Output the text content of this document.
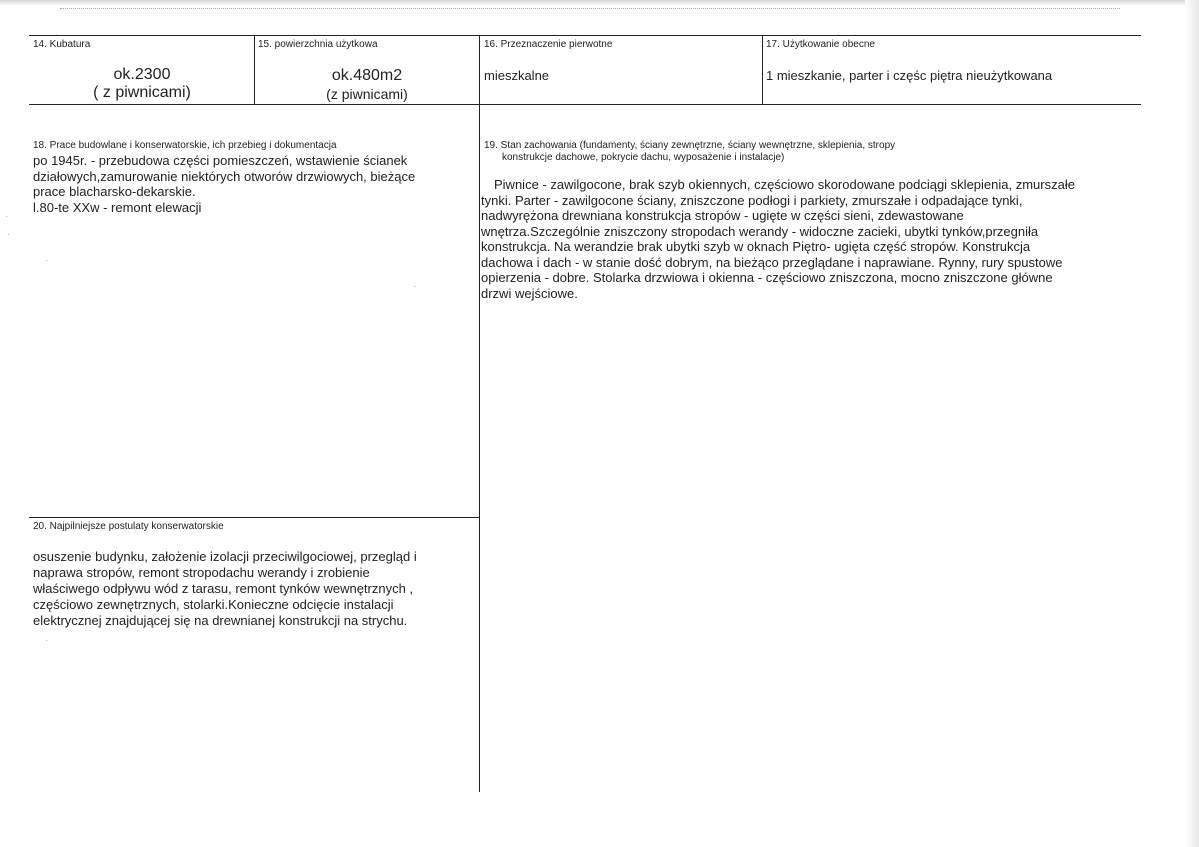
14. Kubatura
ok.2300
( z piwnicami)
15. powierzchnia użytkowa
ok.480m2
(z piwnicami)
16. Przeznaczenie pierwotne
mieszkalne
17. Użytkowanie obecne
1 mieszkanie, parter i częśc piętra nieużytkowana
18. Prace budowlane i konserwatorskie, ich przebieg i dokumentacja

po 1945r. - przebudowa części pomieszczeń, wstawienie ścianek

działowych,zamurowanie niektórych otworów drzwiowych, bieżące

prace blacharsko-dekarskie.

l.80-te XXw - remont elewacji

19. Stan zachowania (fundamenty, ściany zewnętrzne, ściany wewnętrzne, sklepienia, stropy
konstrukcje dachowe, pokrycie dachu, wyposażenie i instalacje)

Piwnice - zawilgocone, brak szyb okiennych, częściowo skorodowane podciągi sklepienia, zmurszałe

tynki. Parter - zawilgocone ściany, zniszczone podłogi i parkiety, zmurszałe i odpadające tynki,

nadwyrężona drewniana konstrukcja stropów - ugięte w części sieni, zdewastowane

wnętrza.Szczególnie zniszczony stropodach werandy - widoczne zacieki, ubytki tynków,przegniła

konstrukcja. Na werandzie brak ubytki szyb w oknach Piętro- ugięta część stropów. Konstrukcja

dachowa i dach - w stanie dość dobrym, na bieżąco przeglądane i naprawiane. Rynny, rury spustowe

opierzenia - dobre. Stolarka drzwiowa i okienna - częściowo zniszczona, mocno zniszczone główne

drzwi wejściowe.

20. Najpilniejsze postulaty konserwatorskie

osuszenie budynku, założenie izolacji przeciwilgociowej, przegląd i

naprawa stropów, remont stropodachu werandy i zrobienie

właściwego odpływu wód z tarasu, remont tynków wewnętrznych ,

częściowo zewnętrznych, stolarki.Konieczne odcięcie instalacji

elektrycznej znajdującej się na drewnianej konstrukcji na strychu.

·
·
·
·
·
